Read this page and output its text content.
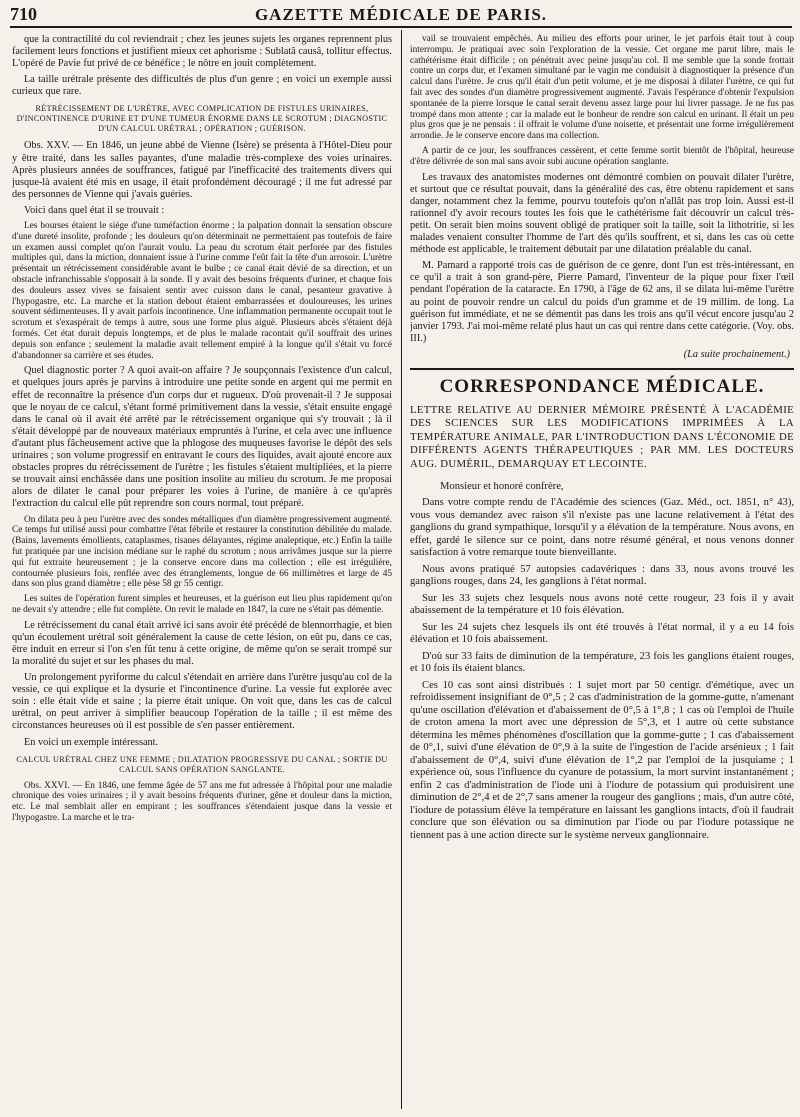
710	GAZETTE MÉDICALE DE PARIS.

que la contractilité du col reviendrait ; chez les jeunes sujets les organes reprennent plus facilement leurs fonctions et justifient mieux cet aphorisme : Sublatâ causâ, tollitur effectus. L'opéré de Pavie fut privé de ce bénéfice ; le nôtre en jouit complètement.

La taille urétrale présente des difficultés de plus d'un genre ; en voici un exemple aussi curieux que rare.

RÉTRÉCISSEMENT DE L'URÈTRE, AVEC COMPLICATION DE FISTULES URINAIRES, D'INCONTINENCE D'URINE ET D'UNE TUMEUR ÉNORME DANS LE SCROTUM ; DIAGNOSTIC D'UN CALCUL URÉTRAL ; OPÉRATION ; GUÉRISON.

Obs. XXV. — En 1846, un jeune abbé de Vienne (Isère) se présenta à l'Hôtel-Dieu pour y être traité, dans les salles payantes, d'une maladie très-complexe des voies urinaires. Après plusieurs années de souffrances, fatigué par l'inefficacité des traitements divers qui jusque-là avaient été mis en usage, il était profondément découragé ; il me fut adressé par des personnes de Vienne qui j'avais guéries.

Voici dans quel état il se trouvait :

Les bourses étaient le siége d'une tuméfaction énorme ; la palpation donnait la sensation obscure d'une dureté insolite, profonde ; les douleurs qu'on déterminait ne permettaient pas toutefois de faire un examen aussi complet qu'on l'aurait voulu. La peau du scrotum était perforée par des fistules multiples qui, dans la miction, donnaient issue à l'urine comme l'eût fait la tête d'un arrosoir. L'urètre présentait un rétrécissement considérable avant le bulbe ; ce canal était dévié de sa direction, et un obstacle infranchissable s'opposait à la sonde. Il y avait des besoins fréquents d'uriner, et chaque fois des douleurs assez vives se faisaient sentir avec cuisson dans le canal, pesanteur gravative à l'hypogastre, etc. La marche et la station debout étaient embarrassées et douloureuses, les urines souvent sédimenteuses. Il y avait parfois incontinence. Une inflammation permanente occupait tout le scrotum et s'exaspérait de temps à autre, sous une forme plus aiguë. Plusieurs abcès s'étaient déjà formés. Cet état durait depuis longtemps, et de plus le malade racontait qu'il souffrait des urines depuis son enfance ; seulement la maladie avait tellement empiré à la longue qu'il s'était vu forcé d'abandonner sa carrière et ses études.

Quel diagnostic porter ? A quoi avait-on affaire ? Je soupçonnais l'existence d'un calcul, et quelques jours après je parvins à introduire une petite sonde en argent qui me permit en effet de reconnaître la présence d'un corps dur et rugueux. D'où provenait-il ? Je supposai que le noyau de ce calcul, s'étant formé primitivement dans la vessie, s'était ensuite engagé dans le canal où il avait été arrêté par le rétrécissement organique qui s'y trouvait ; là il s'était développé par de nouveaux matériaux empruntés à l'urine, et cela avec une influence d'autant plus fâcheusement active que la phlogose des muqueuses favorise le dépôt des sels urinaires ; son volume progressif en entravant le cours des liquides, avait ajouté encore aux obstacles propres du rétrécissement de l'urètre ; les fistules s'étaient multipliées, et la pierre se trouvait ainsi enchâssée dans une position insolite au milieu du scrotum. Je me proposai alors de dilater le canal pour préparer les voies à l'urine, de manière à ce qu'après l'extraction du calcul elle pût reprendre son cours normal, tout préparé.

On dilata peu à peu l'urètre avec des sondes métalliques d'un diamètre progressivement augmenté. Ce temps fut utilisé aussi pour combattre l'état fébrile et restaurer la constitution débilitée du malade. (Bains, lavements émollients, cataplasmes, tisanes délayantes, régime analeptique, etc.) Enfin la taille fut pratiquée par une incision médiane sur le raphé du scrotum ; nous arrivâmes jusque sur la pierre qui fut extraite heureusement ; je la conserve encore dans ma collection ; elle est irrégulière, contournée plusieurs fois, renflée avec des étranglements, longue de 66 millimètres et large de 45 dans son plus grand diamètre ; elle pèse 58 gr 55 centigr.

Les suites de l'opération furent simples et heureuses, et la guérison eut lieu plus rapidement qu'on ne devait s'y attendre ; elle fut complète. On revit le malade en 1847, la cure ne s'était pas démentie.

Le rétrécissement du canal était arrivé ici sans avoir été précédé de blennorrhagie, et bien qu'un écoulement urétral soit généralement la cause de cette lésion, on eût pu, dans ce cas, être induit en erreur si l'on s'en fût tenu à cette origine, de même qu'on se serait trompé sur la moralité du sujet et sur les phases du mal.

Un prolongement pyriforme du calcul s'étendait en arrière dans l'urètre jusqu'au col de la vessie, ce qui explique et la dysurie et l'incontinence d'urine. La vessie fut explorée avec soin : elle était vide et saine ; la pierre était unique. On voit que, dans les cas de calcul urétral, on peut arriver à simplifier beaucoup l'opération de la taille ; il est même des circonstances heureuses où il est possible de s'en passer entièrement.

En voici un exemple intéressant.

CALCUL URÉTRAL CHEZ UNE FEMME ; DILATATION PROGRESSIVE DU CANAL ; SORTIE DU CALCUL SANS OPÉRATION SANGLANTE.

Obs. XXVI. — En 1846, une femme âgée de 57 ans me fut adressée à l'hôpital pour une maladie chronique des voies urinaires ; il y avait besoins fréquents d'uriner, gêne et douleur dans la miction, etc. Le mal semblait aller en empirant ; les souffrances s'étendaient jusque dans la vessie et l'hypogastre. La marche et le tra-

vail se trouvaient empêchés. Au milieu des efforts pour uriner, le jet parfois était tout à coup interrompu. Je pratiquai avec soin l'exploration de la vessie. Cet organe me parut libre, mais le cathétérisme était difficile ; on pénétrait avec peine jusqu'au col. Il me semble que la sonde frottait contre un corps dur, et l'examen simultané par le vagin me conduisit à diagnostiquer la présence d'un calcul dans l'urètre. Je crus qu'il était d'un petit volume, et je me disposai à dilater l'urètre, ce qui fut fait avec des sondes d'un diamètre progressivement augmenté. J'avais l'espérance d'obtenir l'expulsion spontanée de la pierre lorsque le canal serait devenu assez large pour lui livrer passage. Je ne fus pas trompé dans mon attente ; car la malade eut le bonheur de rendre son calcul en urinant. Il était un peu plus gros que je ne pensais : il offrait le volume d'une noisette, et présentait une forme irrégulièrement arrondie. Je le conserve encore dans ma collection.

A partir de ce jour, les souffrances cessèrent, et cette femme sortit bientôt de l'hôpital, heureuse d'être délivrée de son mal sans avoir subi aucune opération sanglante.

Les travaux des anatomistes modernes ont démontré combien on pouvait dilater l'urètre, et surtout que ce résultat pouvait, dans la généralité des cas, être obtenu rapidement et sans danger, notamment chez la femme, pourvu toutefois qu'on n'allât pas trop loin. Aussi est-il rationnel d'y avoir recours toutes les fois que le cathétérisme fait découvrir un calcul très-petit. On serait bien moins souvent obligé de pratiquer soit la taille, soit la lithotritie, si les malades venaient consulter l'homme de l'art dès qu'ils souffrent, et si, dans les cas où cette méthode est applicable, le traitement débutait par une dilatation préalable du canal.

M. Pamard a rapporté trois cas de guérison de ce genre, dont l'un est très-intéressant, en ce qu'il a trait à son grand-père, Pierre Pamard, l'inventeur de la pique pour fixer l'œil pendant l'opération de la cataracte. En 1790, à l'âge de 62 ans, il se dilata lui-même l'urètre au point de pouvoir rendre un calcul du poids d'un gramme et de 19 millim. de long. La guérison fut immédiate, et ne se démentit pas dans les trois ans qu'il vécut encore jusqu'au 2 janvier 1793. J'ai moi-même relaté plus haut un cas qui rentre dans cette catégorie. (Voy. obs. III.)

(La suite prochainement.)
CORRESPONDANCE MÉDICALE.
LETTRE RELATIVE AU DERNIER MÉMOIRE PRÉSENTÉ À L'ACADÉMIE DES SCIENCES SUR LES MODIFICATIONS IMPRIMÉES À LA TEMPÉRATURE ANIMALE, PAR L'INTRODUCTION DANS L'ÉCONOMIE DE DIFFÉRENTS AGENTS THÉRAPEUTIQUES ; PAR MM. LES DOCTEURS AUG. DUMÉRIL, DEMARQUAY ET LECOINTE.

Monsieur et honoré confrère,

Dans votre compte rendu de l'Académie des sciences (Gaz. Méd., oct. 1851, n° 43), vous vous demandez avec raison s'il n'existe pas une lacune relativement à l'état des ganglions du grand sympathique, lorsqu'il y a élévation de la température. Nous avons, en effet, gardé le silence sur ce point, dans notre résumé général, et nous venons donner satisfaction à votre remarque toute bienveillante.

Nous avons pratiqué 57 autopsies cadavériques : dans 33, nous avons trouvé les ganglions rouges, dans 24, les ganglions à l'état normal.

Sur les 33 sujets chez lesquels nous avons noté cette rougeur, 23 fois il y avait abaissement de la température et 10 fois élévation.

Sur les 24 sujets chez lesquels ils ont été trouvés à l'état normal, il y a eu 14 fois élévation et 10 fois abaissement.

D'où sur 33 faits de diminution de la température, 23 fois les ganglions étaient rouges, et 10 fois ils étaient blancs.

Ces 10 cas sont ainsi distribués : 1 sujet mort par 50 centigr. d'émétique, avec un refroidissement insignifiant de 0°,5 ; 2 cas d'administration de la gomme-gutte, n'amenant qu'une oscillation d'élévation et d'abaissement de 0°,5 à 1°,8 ; 1 cas où l'emploi de l'huile de croton amena la mort avec une dépression de 5°,3, et 1 autre où cette substance détermina les mêmes phénomènes d'oscillation que la gomme-gutte ; 1 cas d'abaissement de 0°,1, suivi d'une élévation de 0°,9 à la suite de l'ingestion de l'acide arsénieux ; 1 fait d'abaissement de 0°,4, suivi d'une élévation de 1°,2 par l'emploi de la jusquiame ; 1 expérience où, sous l'influence du cyanure de potassium, la mort survint instantanément ; enfin 2 cas d'administration de l'iode uni à l'iodure de potassium qui produisirent une diminution de 2°,4 et de 2°,7 sans amener la rougeur des ganglions ; mais, d'un autre côté, l'iodure de potassium élève la température en laissant les ganglions intacts, d'où il faudrait conclure que son élévation ou sa diminution par l'iode ou par l'iodure potassique ne tiennent pas à une action directe sur le système nerveux ganglionnaire.
